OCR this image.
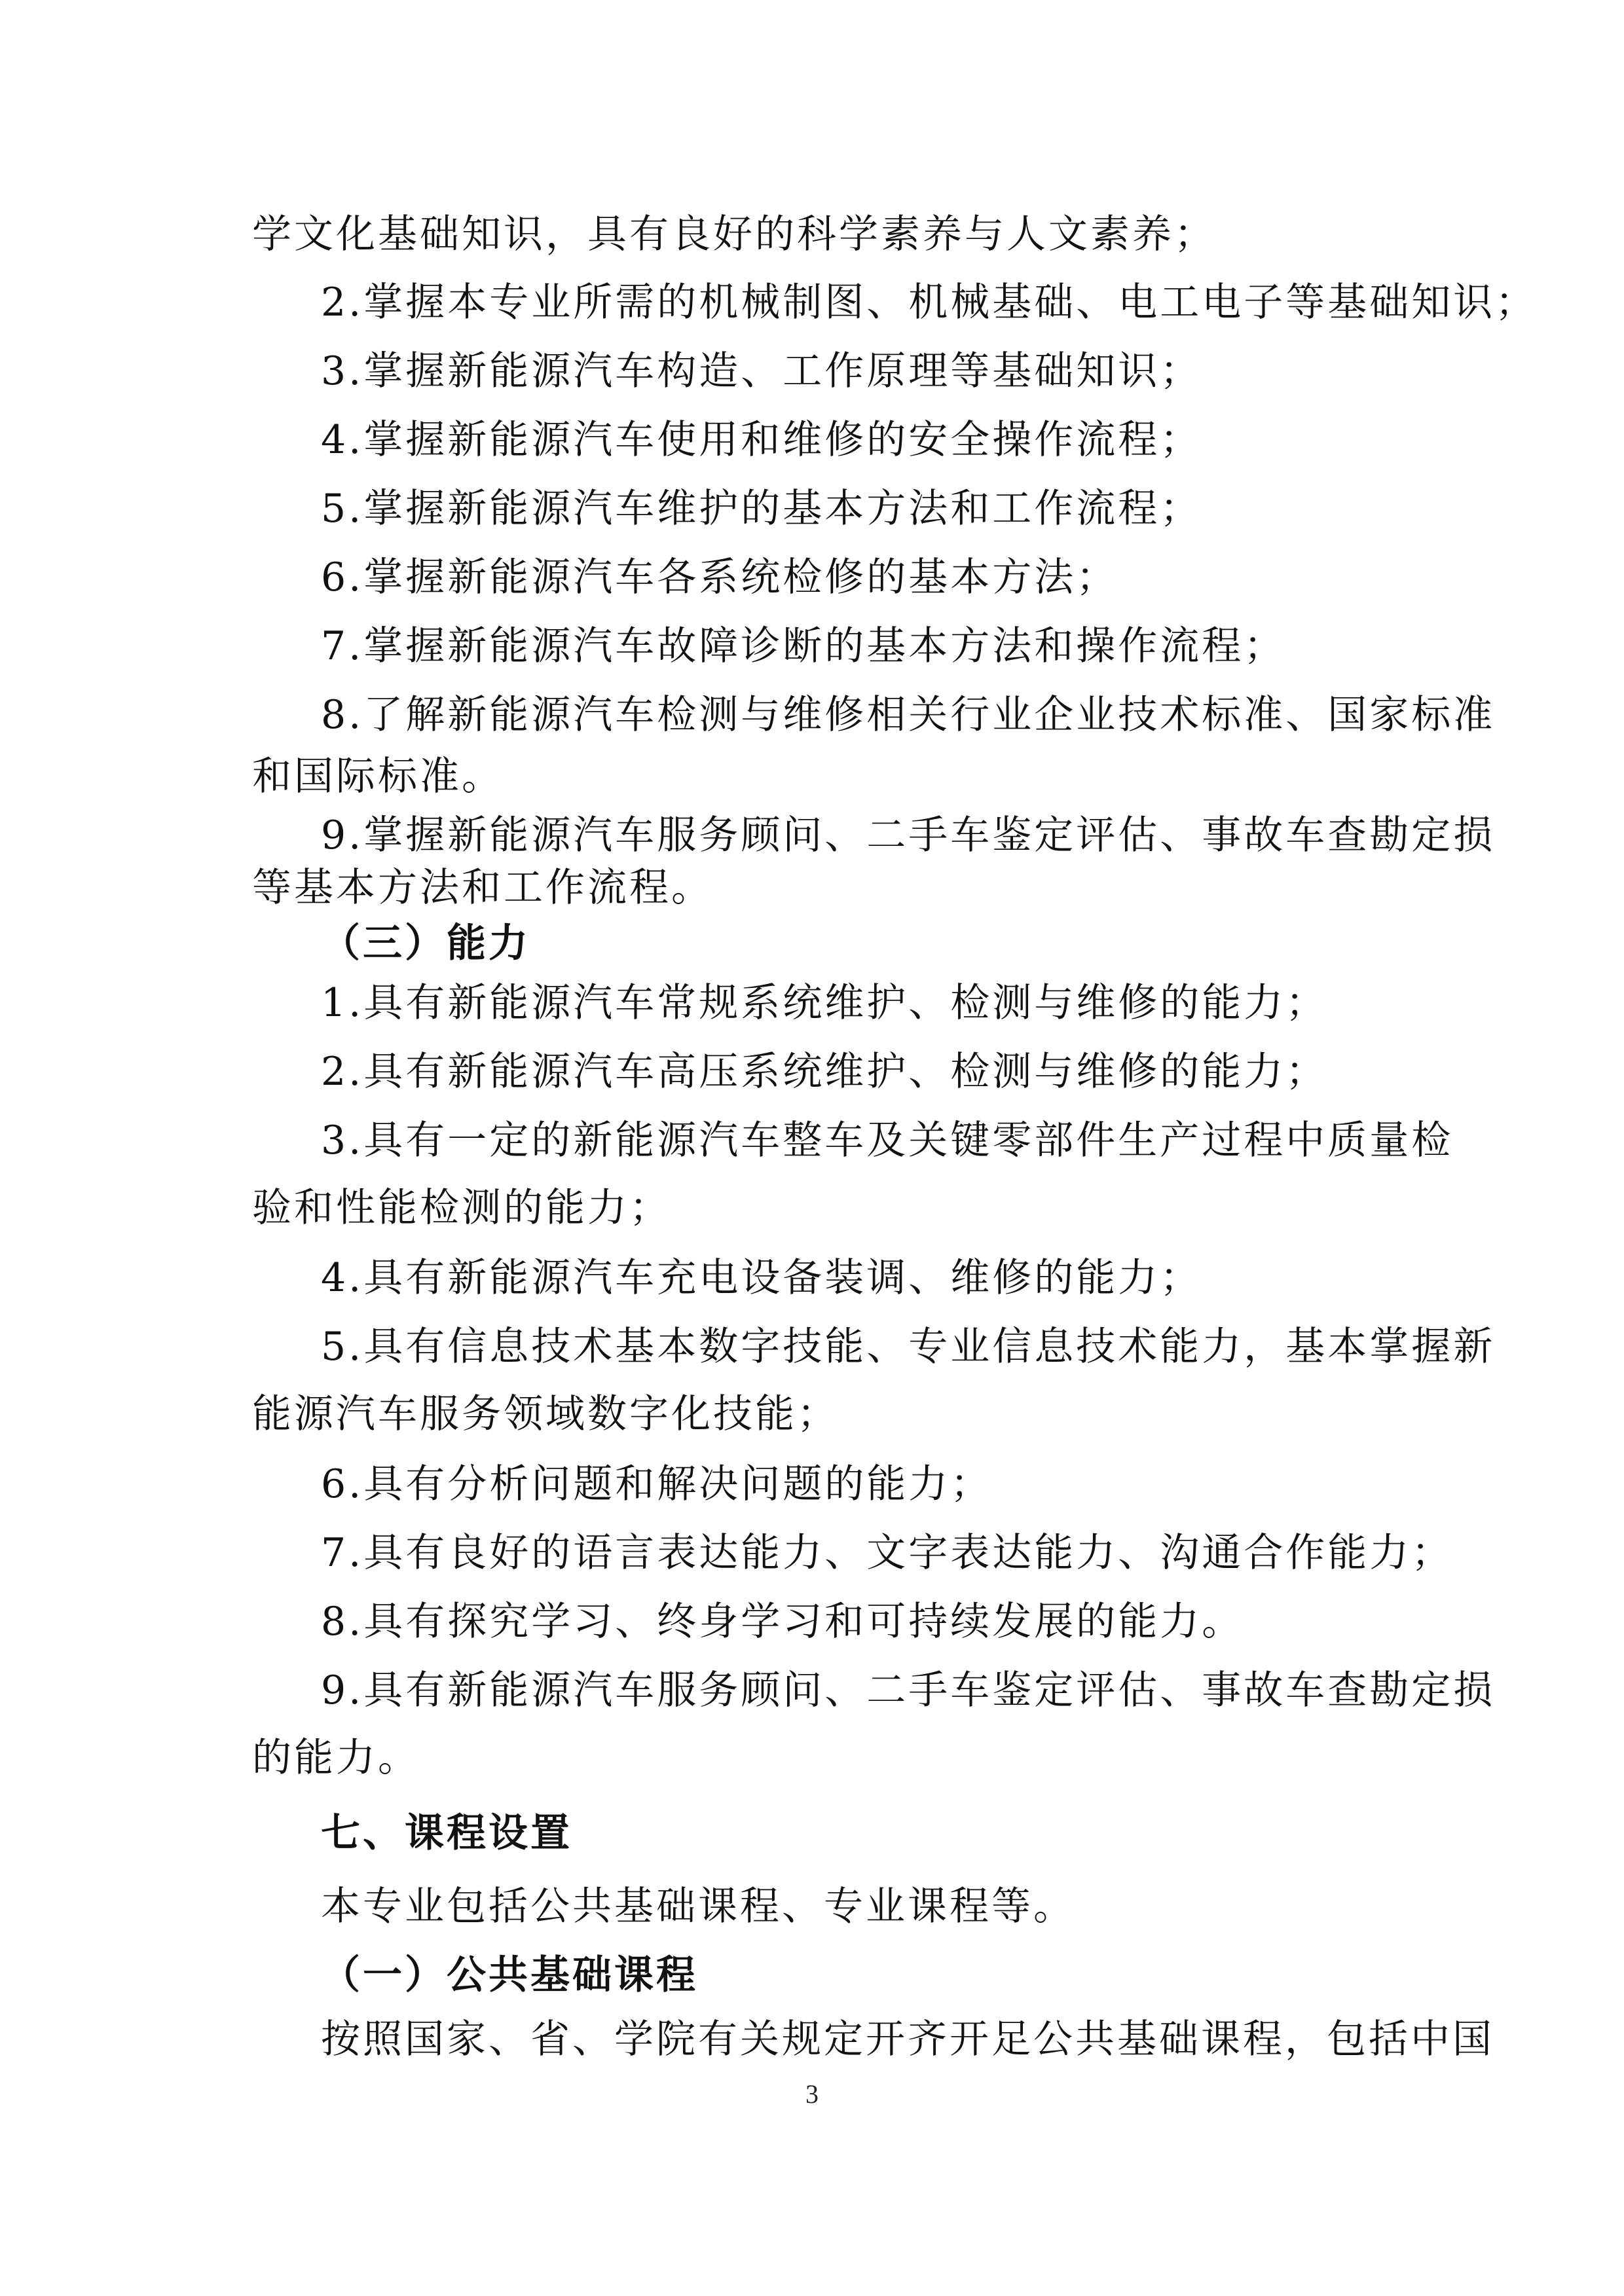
学文化基础知识，具有良好的科学素养与人文素养；
2.掌握本专业所需的机械制图、机械基础、电工电子等基础知识；
3.掌握新能源汽车构造、工作原理等基础知识；
4.掌握新能源汽车使用和维修的安全操作流程；
5.掌握新能源汽车维护的基本方法和工作流程；
6.掌握新能源汽车各系统检修的基本方法；
7.掌握新能源汽车故障诊断的基本方法和操作流程；
8.了解新能源汽车检测与维修相关行业企业技术标准、国家标准
和国际标准。
9.掌握新能源汽车服务顾问、二手车鉴定评估、事故车查勘定损
等基本方法和工作流程。
（三）能力
1.具有新能源汽车常规系统维护、检测与维修的能力；
2.具有新能源汽车高压系统维护、检测与维修的能力；
3.具有一定的新能源汽车整车及关键零部件生产过程中质量检
验和性能检测的能力；
4.具有新能源汽车充电设备装调、维修的能力；
5.具有信息技术基本数字技能、专业信息技术能力，基本掌握新
能源汽车服务领域数字化技能；
6.具有分析问题和解决问题的能力；
7.具有良好的语言表达能力、文字表达能力、沟通合作能力；
8.具有探究学习、终身学习和可持续发展的能力。
9.具有新能源汽车服务顾问、二手车鉴定评估、事故车查勘定损
的能力。
七、课程设置
本专业包括公共基础课程、专业课程等。
（一）公共基础课程
按照国家、省、学院有关规定开齐开足公共基础课程，包括中国
3
